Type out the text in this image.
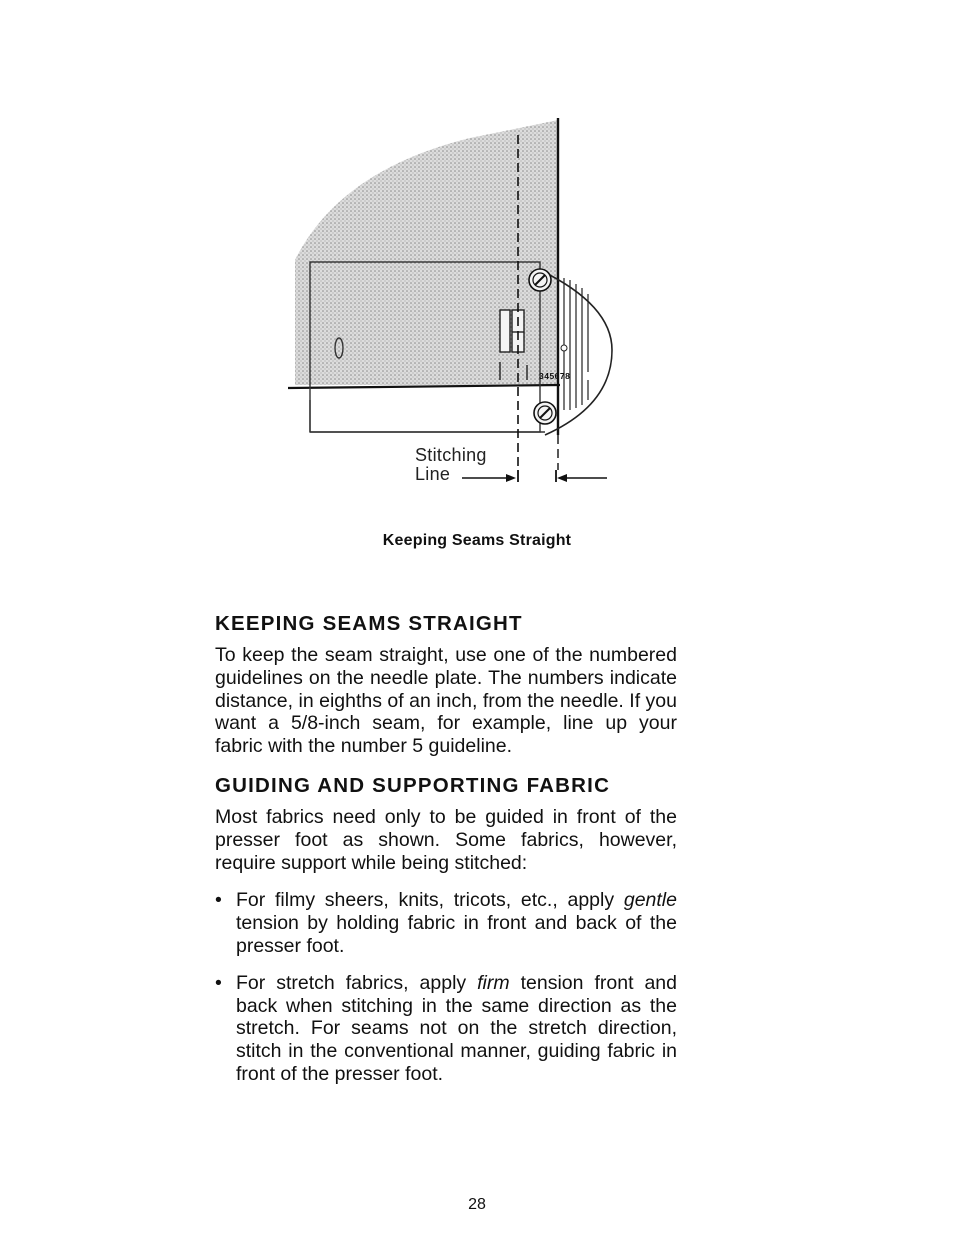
345678
Stitching
Line
Keeping Seams Straight
KEEPING SEAMS STRAIGHT

To keep the seam straight, use one of the numbered guidelines on the needle plate. The numbers indicate distance, in eighths of an inch, from the needle. If you want a 5/8-inch seam, for example, line up your fabric with the number 5 guideline.

GUIDING AND SUPPORTING FABRIC

Most fabrics need only to be guided in front of the presser foot as shown. Some fabrics, however, require support while being stitched:

• For filmy sheers, knits, tricots, etc., apply gentle tension by holding fabric in front and back of the presser foot.
• For stretch fabrics, apply firm tension front and back when stitching in the same direction as the stretch. For seams not on the stretch direction, stitch in the conventional manner, guiding fabric in front of the presser foot.
28
